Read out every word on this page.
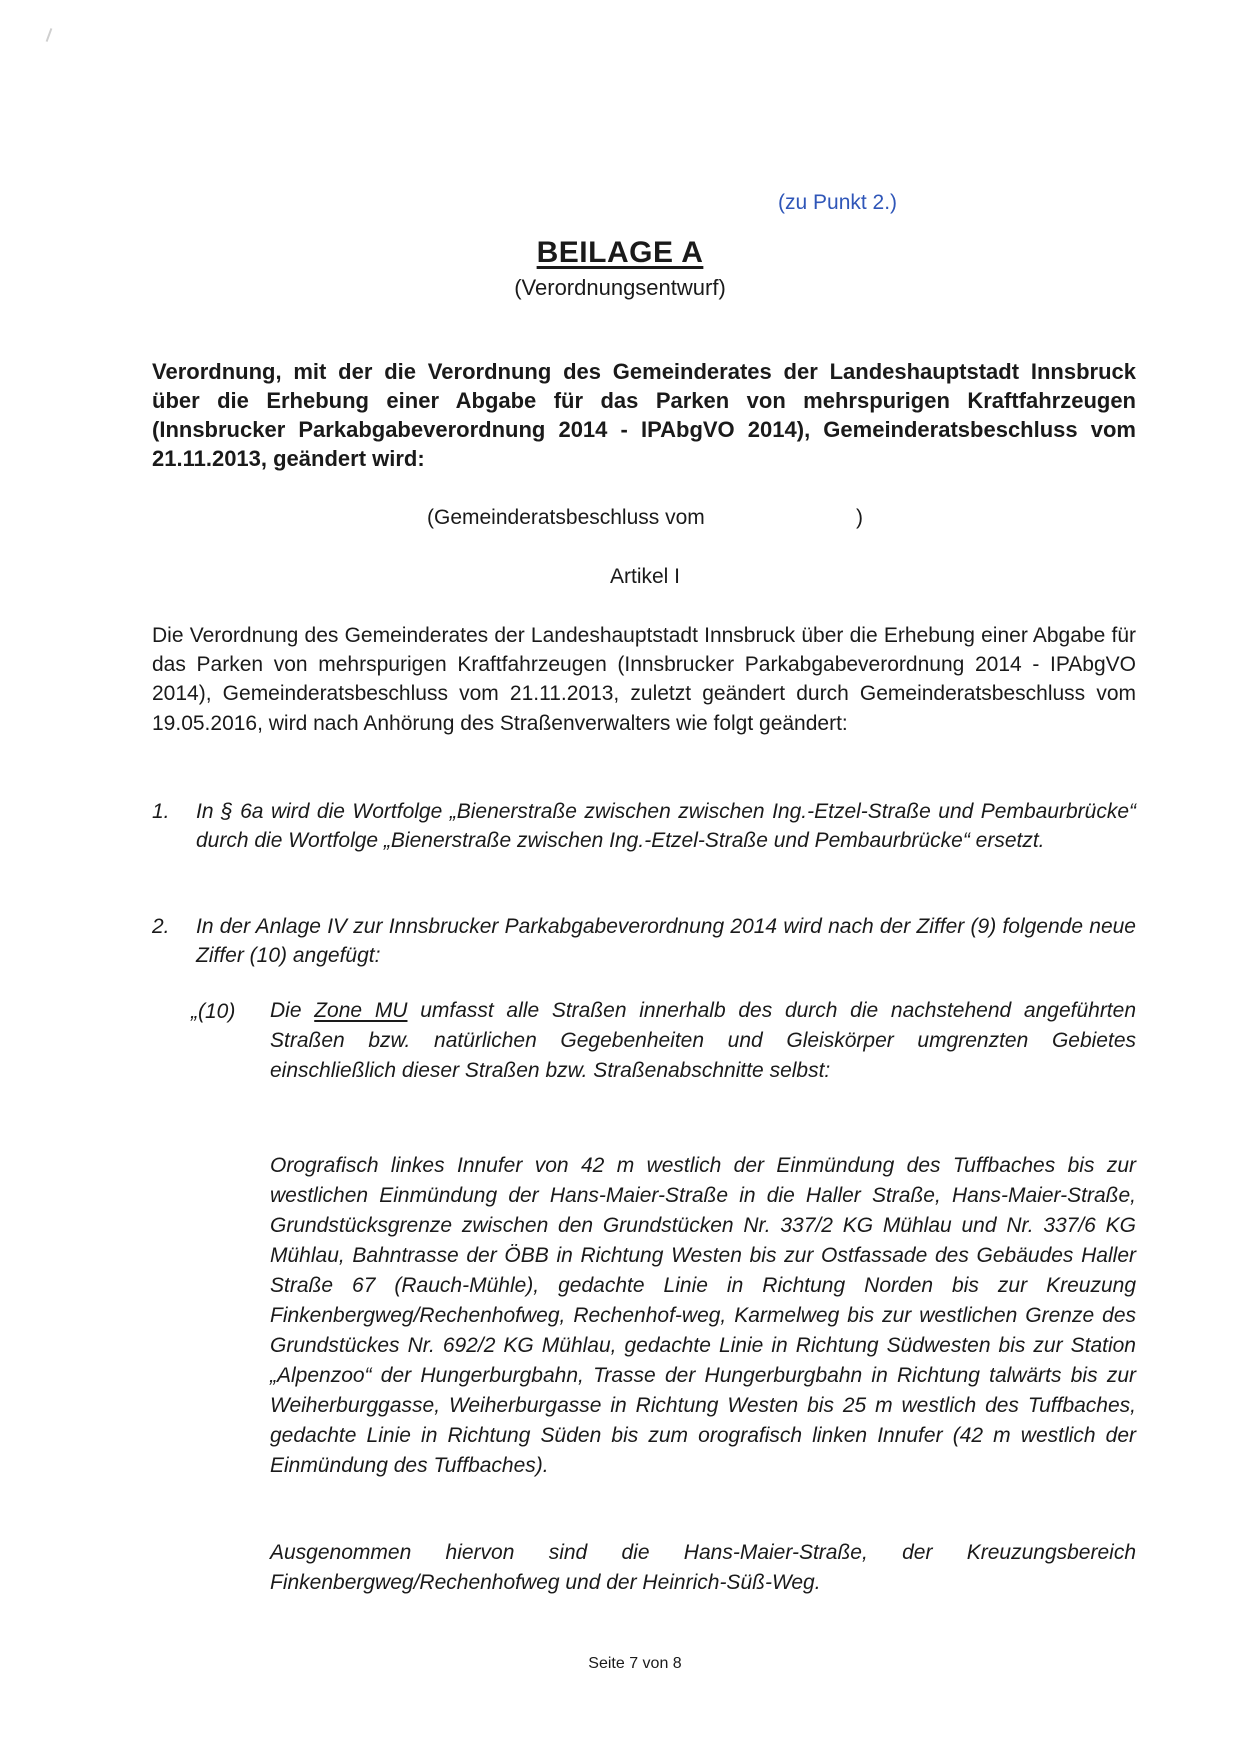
(zu Punkt 2.)
BEILAGE A
(Verordnungsentwurf)
Verordnung, mit der die Verordnung des Gemeinderates der Landeshauptstadt Innsbruck über die Erhebung einer Abgabe für das Parken von mehrspurigen Kraftfahrzeugen (Innsbrucker Parkabgabeverordnung 2014 - IPAbgVO 2014), Gemeinderatsbeschluss vom 21.11.2013, geändert wird:
(Gemeinderatsbeschluss vom	)
Artikel I
Die Verordnung des Gemeinderates der Landeshauptstadt Innsbruck über die Erhebung einer Abgabe für das Parken von mehrspurigen Kraftfahrzeugen (Innsbrucker Parkabgabeverordnung 2014 - IPAbgVO 2014), Gemeinderatsbeschluss vom 21.11.2013, zuletzt geändert durch Gemeinderatsbeschluss vom 19.05.2016, wird nach Anhörung des Straßenverwalters wie folgt geändert:
1. In § 6a wird die Wortfolge „Bienerstraße zwischen zwischen Ing.-Etzel-Straße und Pembaurbrücke“ durch die Wortfolge „Bienerstraße zwischen Ing.-Etzel-Straße und Pembaurbrücke“ ersetzt.
2. In der Anlage IV zur Innsbrucker Parkabgabeverordnung 2014 wird nach der Ziffer (9) folgende neue Ziffer (10) angefügt:
„(10) Die Zone MU umfasst alle Straßen innerhalb des durch die nachstehend angeführten Straßen bzw. natürlichen Gegebenheiten und Gleiskörper umgrenzten Gebietes einschließlich dieser Straßen bzw. Straßenabschnitte selbst:
Orografisch linkes Innufer von 42 m westlich der Einmündung des Tuffbaches bis zur westlichen Einmündung der Hans-Maier-Straße in die Haller Straße, Hans-Maier-Straße, Grundstücksgrenze zwischen den Grundstücken Nr. 337/2 KG Mühlau und Nr. 337/6 KG Mühlau, Bahntrasse der ÖBB in Richtung Westen bis zur Ostfassade des Gebäudes Haller Straße 67 (Rauch-Mühle), gedachte Linie in Richtung Norden bis zur Kreuzung Finkenbergweg/Rechenhofweg, Rechenhof-weg, Karmelweg bis zur westlichen Grenze des Grundstückes Nr. 692/2 KG Mühlau, gedachte Linie in Richtung Südwesten bis zur Station „Alpenzoo“ der Hungerburgbahn, Trasse der Hungerburgbahn in Richtung talwärts bis zur Weiherburggasse, Weiherburgasse in Richtung Westen bis 25 m westlich des Tuffbaches, gedachte Linie in Richtung Süden bis zum orografisch linken Innufer (42 m westlich der Einmündung des Tuffbaches).
Ausgenommen hiervon sind die Hans-Maier-Straße, der Kreuzungsbereich Finkenbergweg/Rechenhofweg und der Heinrich-Süß-Weg.
Seite 7 von 8
